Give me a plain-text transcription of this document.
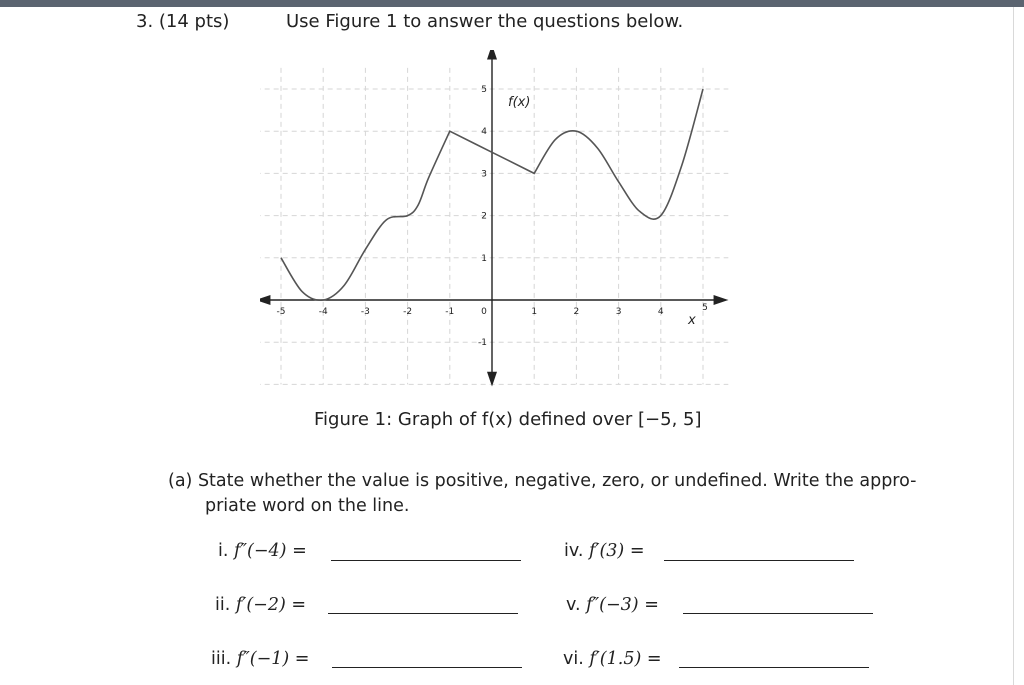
3. (14 pts)	Use Figure 1 to answer the questions below.
-5	-4	-3	-2	-1	0	1	2	3	4	5
5
4
3
2
1
-1
f(x)
x
Figure 1: Graph of f(x) defined over [−5, 5]
(a) State whether the value is positive, negative, zero, or undefined. Write the appro-
priate word on the line.
i. f″(−4) =
ii. f′(−2) =
iii. f″(−1) =
iv. f′(3) =
v. f″(−3) =
vi. f′(1.5) =
